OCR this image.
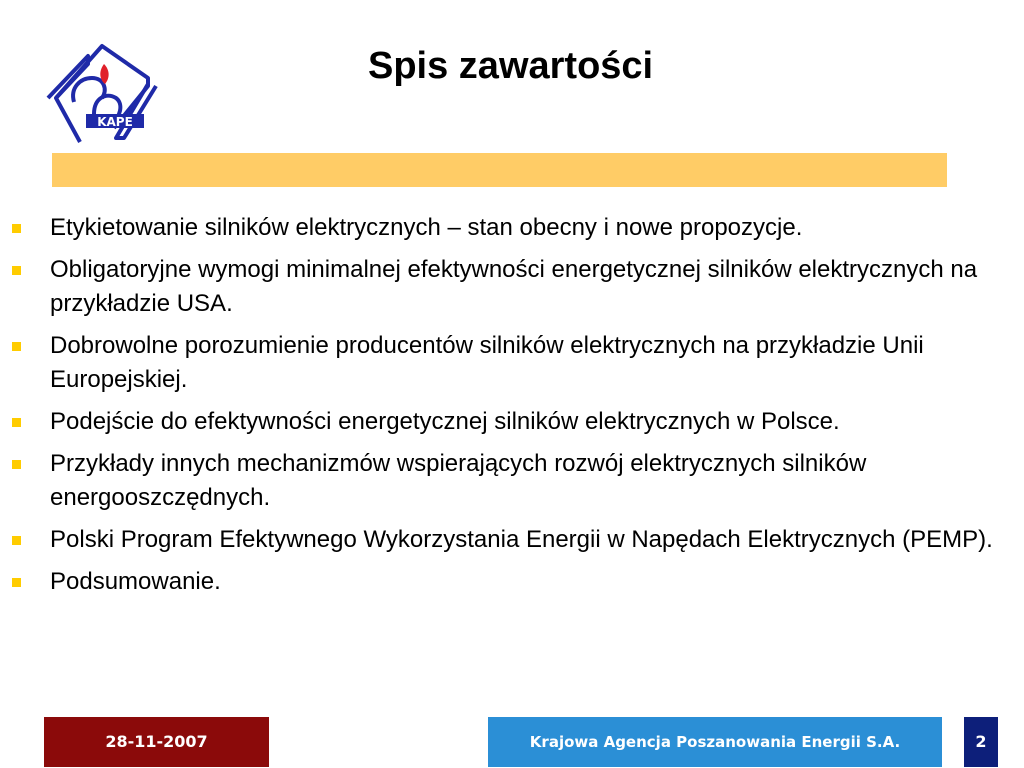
KAPE
Spis zawartości
Etykietowanie silników elektrycznych – stan obecny i nowe propozycje.
Obligatoryjne wymogi minimalnej efektywności energetycznej silników elektrycznych na przykładzie USA.
Dobrowolne porozumienie producentów silników elektrycznych na przykładzie Unii Europejskiej.
Podejście do efektywności energetycznej silników elektrycznych w Polsce.
Przykłady innych mechanizmów wspierających rozwój elektrycznych silników energooszczędnych.
Polski Program Efektywnego Wykorzystania Energii w Napędach Elektrycznych (PEMP).
Podsumowanie.
28-11-2007	Krajowa Agencja Poszanowania Energii S.A.	2
